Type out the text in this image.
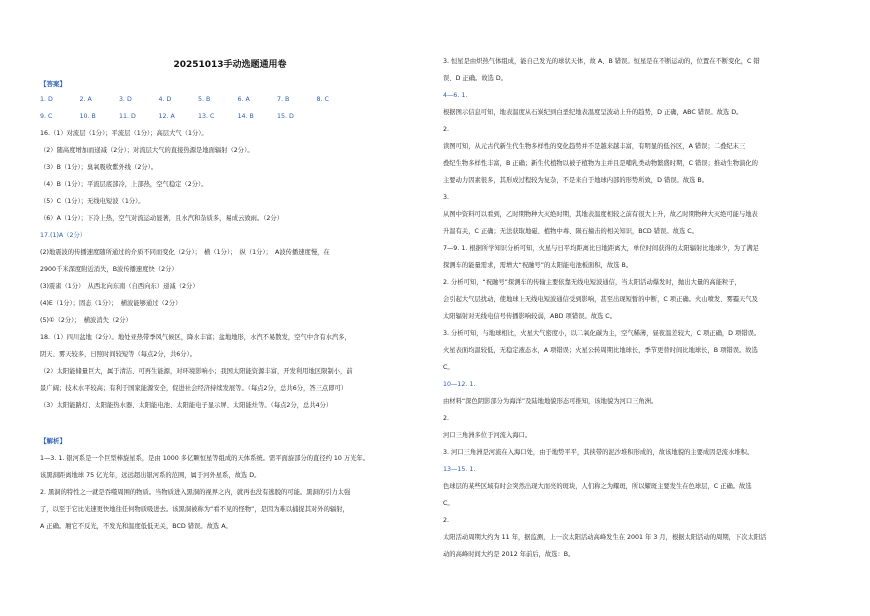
20251013手动选题通用卷
【答案】
1. D	2. A	3. D	4. D	5. B	6. A	7. B	8. C
9. C	10. B	11. D	12. A	13. C	14. B	15. D
16.（1）对流层（1分）；平流层（1分）；高层大气（1分）。
（2）随高度增加而递减（2分）；对流层大气的直接热源是地面辐射（2分）。
（3）B（1分）；臭氧吸收紫外线（2分）。
（4）B（1分）；平流层底部冷，上部热，空气稳定（2分）。
（5）C（1分）；无线电短波（1分）。
（6）A（1分）；下冷上热，空气对流运动显著，且水汽和杂质多，易成云致雨。（2分）
17.(1)A（2分）
(2)地震波的传播速度随所通过的介质不同而变化（2分）；　横（1分）；　纵（1分）；　A波传播速度慢，在
2900千米深度附近消失，B波传播速度快（2分）
(3)震雀（1分）　从西北向东南（自西向东）递减（2分）
(4)E（1分）；固态（1分）；　横波能够通过（2分）
(5)①（2分）；　横波消失（2分）
18.（1）四川盆地（2分）。地处亚热带季风气候区，降水丰富；盆地地形，水汽不易散发，空气中含有水汽多，
阴天、雾天较多，日照时间较短等（每点2分，共6分）。
（2）太阳能储量巨大，属于清洁、可再生能源，对环境影响小；我国太阳能资源丰富，开发利用地区限制小，前
景广阔；技术水平较高；有利于国家能源安全，促进社会经济持续发展等。（每点2分，总共6分，答三点即可）
（3）太阳能路灯、太阳能热水器、太阳能电池、太阳能电子显示屏、太阳能灶等。（每点2分，总共4分）
【解析】
1—3. 1. 银河系是一个巨型棒旋星系，是由 1000 多亿颗恒星等组成的天体系统。需平面旋部分的直径约 10 万光年。
该黑洞距离地球 75 亿光年，远远超出银河系的范围，属于河外星系，故选 D。
2. 黑洞的特性之一就是吞噬周围的物质。当物质进入黑洞的视界之内，就再也没有逃脱的可能。黑洞的引力太强
了，以至于它比光速更快地往任何物质吸进去。该黑洞被称为“看不见的怪物”，是因为难以捕捉其对外的辐射，
A 正确。厢它不反光，不发光和温度低低无关，BCD 错误。故选 A。
3. 恒星是由炽热气体组成，能自己发光的球状天体，故 A、B 错误。恒星是在不断运动的，位置在不断变化，C 错
误、D 正确。故选 D。
4—6. 1.
根据图示信息可知，地表温度从石炭纪到白垩纪地表温度呈波动上升的趋势，D 正确，ABC 错误。故选 D。
2.
读图可知，从元古代新生代生物多样性的变化趋势并不是越来越丰富，有明显的低谷区，A 错误；二叠纪末三
叠纪生物多样性丰富，B 正确；新生代植物以被子植物为主并且是哺乳类动物繁盛时期，C 错误；推动生物演化的
主要动力因素很多，其形成过程较为复杂，不是来自于地球内部的形势所致，D 错误。故选 B。
3.
从图中资料可以看到，乙时期物种大灭绝时期，其地表温度相较之前有很大上升，故乙时期物种大灭绝可能与地表
升温有关，C 正确；无法获取地磁、植物中毒、陨石撞击的相关知识，BCD 错误。故选 C。
7—9. 1. 根据所学知识分析可知，火星与日平均距离比日地距离大，单位时间获得的太阳辐射比地球少，为了满足
探测车的能量需求，需增大“祝融号”的太阳能电池板面积，故选 B。
2. 分析可知，“祝融号”探测车的传输主要依靠无线电短波通信，当太阳活动爆发时，抛出大量的高能粒子，
会引起大气层扰动，使地球上无线电短波通信受到影响，甚至出现短暂的中断，C 项正确。火山喷发、雾霾天气及
太阳辐射对无线电信号传播影响较弱，ABD 项错误。故选 C。
3. 分析可知，与地球相比，火星大气密度小，以二氧化碳为主，空气稀薄，昼夜温差较大，C 项正确，D 项错误。
火星表面均温较低，无稳定液态水，A 项错误；火星公转周期比地球长，季节更替时间比地球长，B 项错误。故选
C。
10—12. 1.
由材料“深色阴影部分为海洋”及陆地地貌形态可推知，该地貌为河口三角洲。
2.
河口三角洲多位于河流入海口。
3. 河口三角洲是河流在入海口处，由于地势平平，其挟带的泥沙堆积形成的，故该地貌的主要成因是流水堆积。
13—15. 1.
色球层的某些区域有时会突然出现大而亮的斑块，人们称之为耀斑，所以耀斑主要发生在色球层，C 正确。故选
C。
2.
太阳活动周期大约为 11 年，据监测，上一次太阳活动高峰发生在 2001 年 3 月，根据太阳活动的周期，下次太阳活
动的高峰时间大约是 2012 年前后，故选：B。
